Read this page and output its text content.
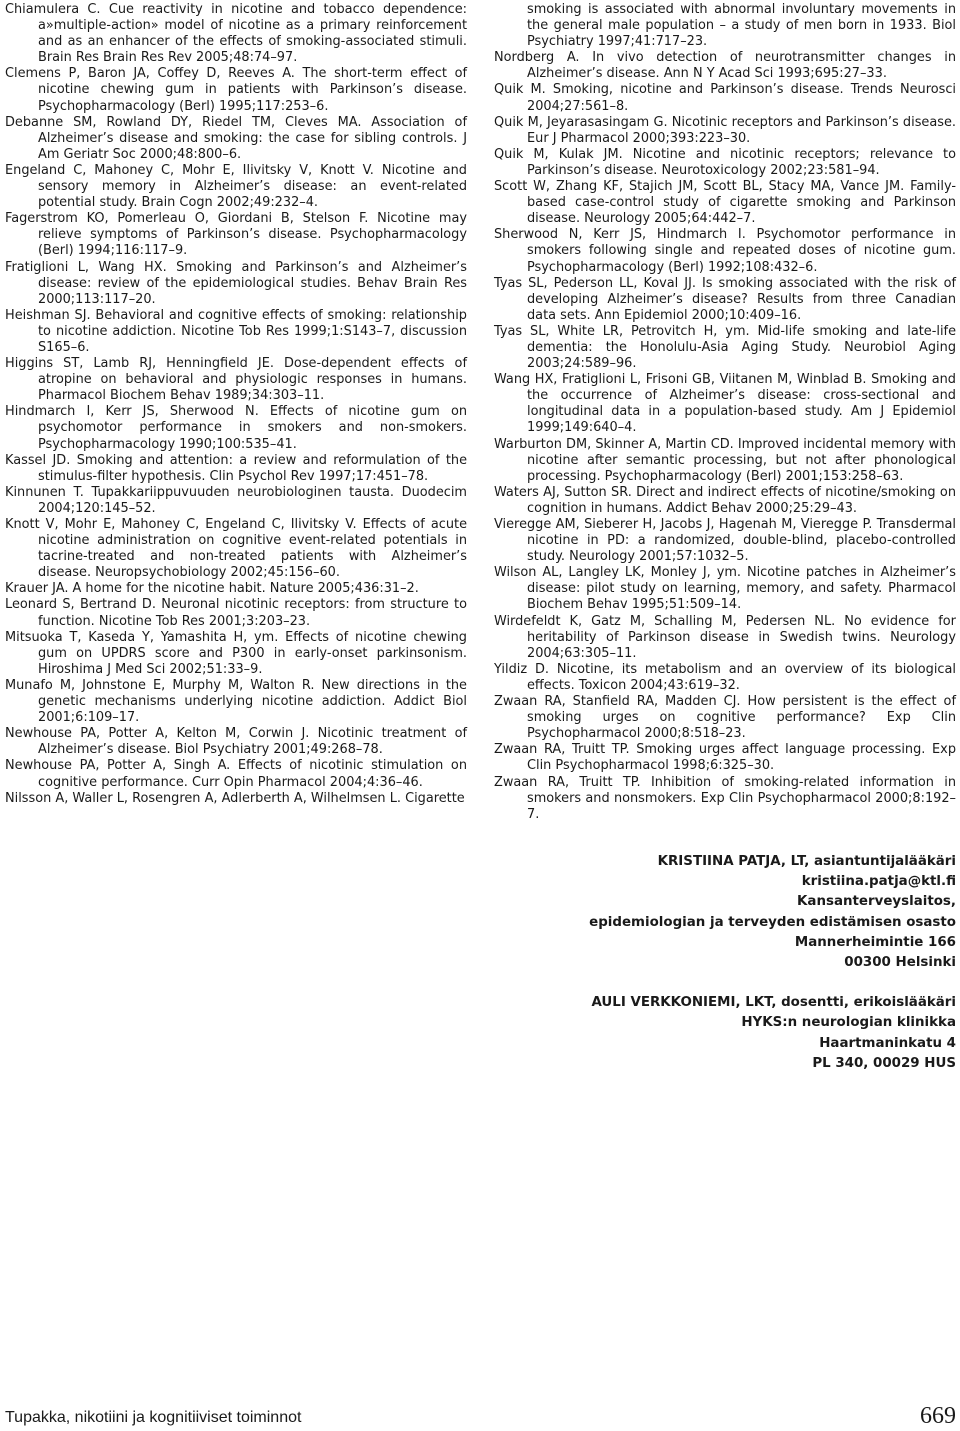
Chiamulera C. Cue reactivity in nicotine and tobacco dependence: a»multiple-action» model of nicotine as a primary reinforcement and as an enhancer of the effects of smoking-associated stimuli. Brain Res Brain Res Rev 2005;48:74–97.

Clemens P, Baron JA, Coffey D, Reeves A. The short-term effect of nicotine chewing gum in patients with Parkinson’s disease. Psychopharmacology (Berl) 1995;117:253–6.

Debanne SM, Rowland DY, Riedel TM, Cleves MA. Association of Alzheimer’s disease and smoking: the case for sibling controls. J Am Geriatr Soc 2000;48:800–6.

Engeland C, Mahoney C, Mohr E, Ilivitsky V, Knott V. Nicotine and sensory memory in Alzheimer’s disease: an event-related potential study. Brain Cogn 2002;49:232–4.

Fagerstrom KO, Pomerleau O, Giordani B, Stelson F. Nicotine may relieve symptoms of Parkinson’s disease. Psychopharmacology (Berl) 1994;116:117–9.

Fratiglioni L, Wang HX. Smoking and Parkinson’s and Alzheimer’s disease: review of the epidemiological studies. Behav Brain Res 2000;113:117–20.

Heishman SJ. Behavioral and cognitive effects of smoking: relationship to nicotine addiction. Nicotine Tob Res 1999;1:S143–7, discussion S165–6.

Higgins ST, Lamb RJ, Henningfield JE. Dose-dependent effects of atropine on behavioral and physiologic responses in humans. Pharmacol Biochem Behav 1989;34:303–11.

Hindmarch I, Kerr JS, Sherwood N. Effects of nicotine gum on psychomotor performance in smokers and non-smokers. Psychopharmacology 1990;100:535–41.

Kassel JD. Smoking and attention: a review and reformulation of the stimulus-filter hypothesis. Clin Psychol Rev 1997;17:451–78.

Kinnunen T. Tupakkariippuvuuden neurobiologinen tausta. Duodecim 2004;120:145–52.

Knott V, Mohr E, Mahoney C, Engeland C, Ilivitsky V. Effects of acute nicotine administration on cognitive event-related potentials in tacrine-treated and non-treated patients with Alzheimer’s disease. Neuropsychobiology 2002;45:156–60.

Krauer JA. A home for the nicotine habit. Nature 2005;436:31–2.

Leonard S, Bertrand D. Neuronal nicotinic receptors: from structure to function. Nicotine Tob Res 2001;3:203–23.

Mitsuoka T, Kaseda Y, Yamashita H, ym. Effects of nicotine chewing gum on UPDRS score and P300 in early-onset parkinsonism. Hiroshima J Med Sci 2002;51:33–9.

Munafo M, Johnstone E, Murphy M, Walton R. New directions in the genetic mechanisms underlying nicotine addiction. Addict Biol 2001;6:109–17.

Newhouse PA, Potter A, Kelton M, Corwin J. Nicotinic treatment of Alzheimer’s disease. Biol Psychiatry 2001;49:268–78.

Newhouse PA, Potter A, Singh A. Effects of nicotinic stimulation on cognitive performance. Curr Opin Pharmacol 2004;4:36–46.

Nilsson A, Waller L, Rosengren A, Adlerberth A, Wilhelmsen L. Cigarette

smoking is associated with abnormal involuntary movements in the general male population – a study of men born in 1933. Biol Psychiatry 1997;41:717–23.

Nordberg A. In vivo detection of neurotransmitter changes in Alzheimer’s disease. Ann N Y Acad Sci 1993;695:27–33.

Quik M. Smoking, nicotine and Parkinson’s disease. Trends Neurosci 2004;27:561–8.

Quik M, Jeyarasasingam G. Nicotinic receptors and Parkinson’s disease. Eur J Pharmacol 2000;393:223–30.

Quik M, Kulak JM. Nicotine and nicotinic receptors; relevance to Parkinson’s disease. Neurotoxicology 2002;23:581–94.

Scott W, Zhang KF, Stajich JM, Scott BL, Stacy MA, Vance JM. Family-based case-control study of cigarette smoking and Parkinson disease. Neurology 2005;64:442–7.

Sherwood N, Kerr JS, Hindmarch I. Psychomotor performance in smokers following single and repeated doses of nicotine gum. Psychopharmacology (Berl) 1992;108:432–6.

Tyas SL, Pederson LL, Koval JJ. Is smoking associated with the risk of developing Alzheimer’s disease? Results from three Canadian data sets. Ann Epidemiol 2000;10:409–16.

Tyas SL, White LR, Petrovitch H, ym. Mid-life smoking and late-life dementia: the Honolulu-Asia Aging Study. Neurobiol Aging 2003;24:589–96.

Wang HX, Fratiglioni L, Frisoni GB, Viitanen M, Winblad B. Smoking and the occurrence of Alzheimer’s disease: cross-sectional and longitudinal data in a population-based study. Am J Epidemiol 1999;149:640–4.

Warburton DM, Skinner A, Martin CD. Improved incidental memory with nicotine after semantic processing, but not after phonological processing. Psychopharmacology (Berl) 2001;153:258–63.

Waters AJ, Sutton SR. Direct and indirect effects of nicotine/smoking on cognition in humans. Addict Behav 2000;25:29–43.

Vieregge AM, Sieberer H, Jacobs J, Hagenah M, Vieregge P. Transdermal nicotine in PD: a randomized, double-blind, placebo-controlled study. Neurology 2001;57:1032–5.

Wilson AL, Langley LK, Monley J, ym. Nicotine patches in Alzheimer’s disease: pilot study on learning, memory, and safety. Pharmacol Biochem Behav 1995;51:509–14.

Wirdefeldt K, Gatz M, Schalling M, Pedersen NL. No evidence for heritability of Parkinson disease in Swedish twins. Neurology 2004;63:305–11.

Yildiz D. Nicotine, its metabolism and an overview of its biological effects. Toxicon 2004;43:619–32.

Zwaan RA, Stanfield RA, Madden CJ. How persistent is the effect of smoking urges on cognitive performance? Exp Clin Psychopharmacol 2000;8:518–23.

Zwaan RA, Truitt TP. Smoking urges affect language processing. Exp Clin Psychopharmacol 1998;6:325–30.

Zwaan RA, Truitt TP. Inhibition of smoking-related information in smokers and nonsmokers. Exp Clin Psychopharmacol 2000;8:192–7.

KRISTIINA PATJA, LT, asiantuntijalääkäri
kristiina.patja@ktl.fi
Kansanterveyslaitos,
epidemiologian ja terveyden edistämisen osasto
Mannerheimintie 166
00300 Helsinki
AULI VERKKONIEMI, LKT, dosentti, erikoislääkäri
HYKS:n neurologian klinikka
Haartmaninkatu 4
PL 340, 00029 HUS
Tupakka, nikotiini ja kognitiiviset toiminnot	669
